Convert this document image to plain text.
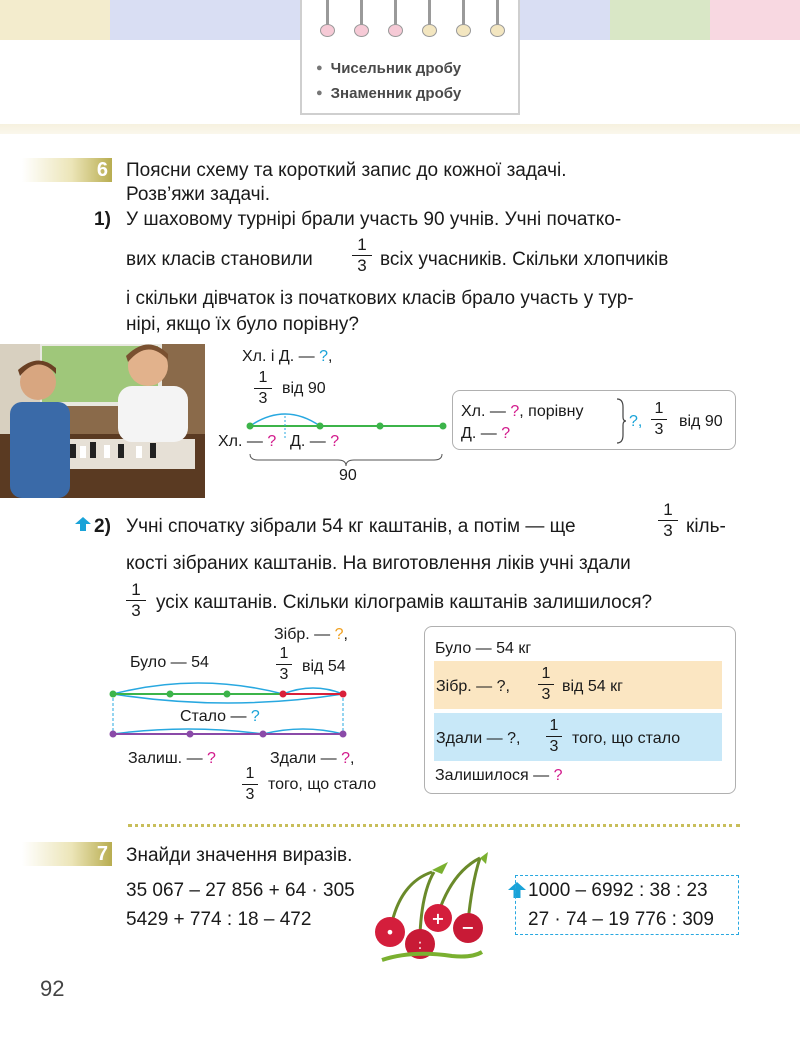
● Чисельник дробу
● Знаменник дробу
6 Поясни схему та короткий запис до кожної задачі.
Розв’яжи задачі.
1) У шаховому турнірі брали участь 90 учнів. Учні початко-
вих класів становили $\frac{1}{3}$ всіх учасників. Скільки хлопчиків
і скільки дівчаток із початкових класів брало участь у тур-
нірі, якщо їх було порівну?
Хл. і Д. — ?,
$\frac{1}{3}$ від 90
Хл. — ? Д. — ?
90
Хл. — ?, порівну
Д. — ?
?, $\frac{1}{3}$ від 90
2) Учні спочатку зібрали 54 кг каштанів, а потім — ще	$\frac{1}{3}$ кіль-
кості зібраних каштанів. На виготовлення ліків учні здали
$\frac{1}{3}$ усіх каштанів. Скільки кілограмів каштанів залишилося?
Зібр. — ?,
Було — 54	$\frac{1}{3}$ від 54
Стало — ?
Залиш. — ?	Здали — ?,
$\frac{1}{3}$ того, що стало
Було — 54 кг
Зібр. — ?, $\frac{1}{3}$ від 54 кг
Здали — ?, $\frac{1}{3}$ того, що стало
Залишилося — ?
7 Знайди значення виразів.
35 067 – 27 856 + 64 · 305
5429 + 774 : 18 – 472
•
:
+ −
1000 – 6992 : 38 : 23
27 · 74 – 19 776 : 309
92
